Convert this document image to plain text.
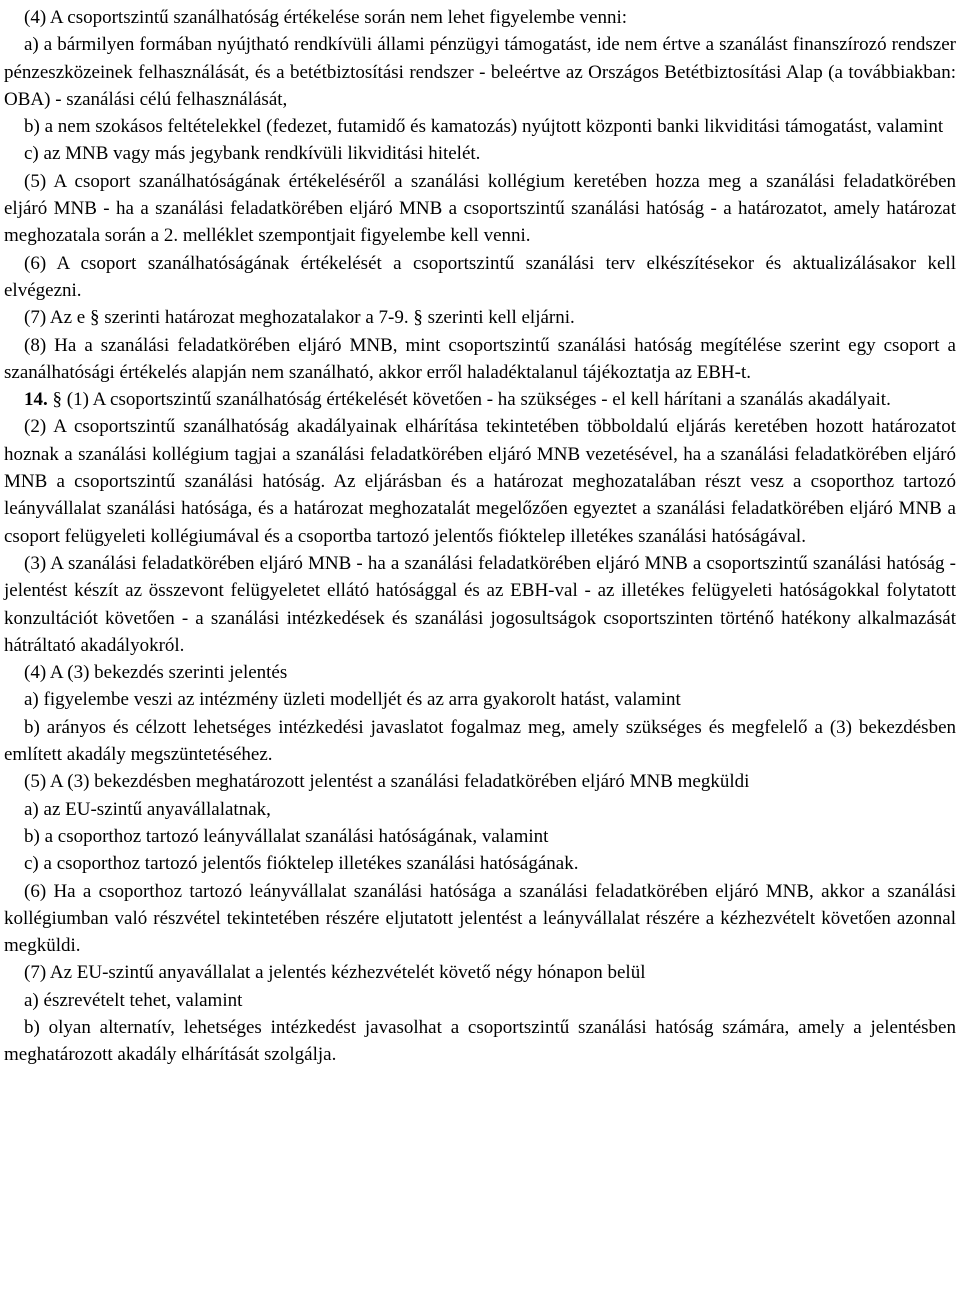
(4) A csoportszintű szanálhatóság értékelése során nem lehet figyelembe venni:

a) a bármilyen formában nyújtható rendkívüli állami pénzügyi támogatást, ide nem értve a szanálást finanszírozó rendszer pénzeszközeinek felhasználását, és a betétbiztosítási rendszer - beleértve az Országos Betétbiztosítási Alap (a továbbiakban: OBA) - szanálási célú felhasználását,

b) a nem szokásos feltételekkel (fedezet, futamidő és kamatozás) nyújtott központi banki likviditási támogatást, valamint

c) az MNB vagy más jegybank rendkívüli likviditási hitelét.

(5) A csoport szanálhatóságának értékeléséről a szanálási kollégium keretében hozza meg a szanálási feladatkörében eljáró MNB - ha a szanálási feladatkörében eljáró MNB a csoportszintű szanálási hatóság - a határozatot, amely határozat meghozatala során a 2. melléklet szempontjait figyelembe kell venni.

(6) A csoport szanálhatóságának értékelését a csoportszintű szanálási terv elkészítésekor és aktualizálásakor kell elvégezni.

(7) Az e § szerinti határozat meghozatalakor a 7-9. § szerinti kell eljárni.

(8) Ha a szanálási feladatkörében eljáró MNB, mint csoportszintű szanálási hatóság megítélése szerint egy csoport a szanálhatósági értékelés alapján nem szanálható, akkor erről haladéktalanul tájékoztatja az EBH-t.

14. § (1) A csoportszintű szanálhatóság értékelését követően - ha szükséges - el kell hárítani a szanálás akadályait.

(2) A csoportszintű szanálhatóság akadályainak elhárítása tekintetében többoldalú eljárás keretében hozott határozatot hoznak a szanálási kollégium tagjai a szanálási feladatkörében eljáró MNB vezetésével, ha a szanálási feladatkörében eljáró MNB a csoportszintű szanálási hatóság. Az eljárásban és a határozat meghozatalában részt vesz a csoporthoz tartozó leányvállalat szanálási hatósága, és a határozat meghozatalát megelőzően egyeztet a szanálási feladatkörében eljáró MNB a csoport felügyeleti kollégiumával és a csoportba tartozó jelentős fióktelep illetékes szanálási hatóságával.

(3) A szanálási feladatkörében eljáró MNB - ha a szanálási feladatkörében eljáró MNB a csoportszintű szanálási hatóság - jelentést készít az összevont felügyeletet ellátó hatósággal és az EBH-val - az illetékes felügyeleti hatóságokkal folytatott konzultációt követően - a szanálási intézkedések és szanálási jogosultságok csoportszinten történő hatékony alkalmazását hátráltató akadályokról.

(4) A (3) bekezdés szerinti jelentés

a) figyelembe veszi az intézmény üzleti modelljét és az arra gyakorolt hatást, valamint

b) arányos és célzott lehetséges intézkedési javaslatot fogalmaz meg, amely szükséges és megfelelő a (3) bekezdésben említett akadály megszüntetéséhez.

(5) A (3) bekezdésben meghatározott jelentést a szanálási feladatkörében eljáró MNB megküldi

a) az EU-szintű anyavállalatnak,

b) a csoporthoz tartozó leányvállalat szanálási hatóságának, valamint

c) a csoporthoz tartozó jelentős fióktelep illetékes szanálási hatóságának.

(6) Ha a csoporthoz tartozó leányvállalat szanálási hatósága a szanálási feladatkörében eljáró MNB, akkor a szanálási kollégiumban való részvétel tekintetében részére eljutatott jelentést a leányvállalat részére a kézhezvételt követően azonnal megküldi.

(7) Az EU-szintű anyavállalat a jelentés kézhezvételét követő négy hónapon belül

a) észrevételt tehet, valamint

b) olyan alternatív, lehetséges intézkedést javasolhat a csoportszintű szanálási hatóság számára, amely a jelentésben meghatározott akadály elhárítását szolgálja.
